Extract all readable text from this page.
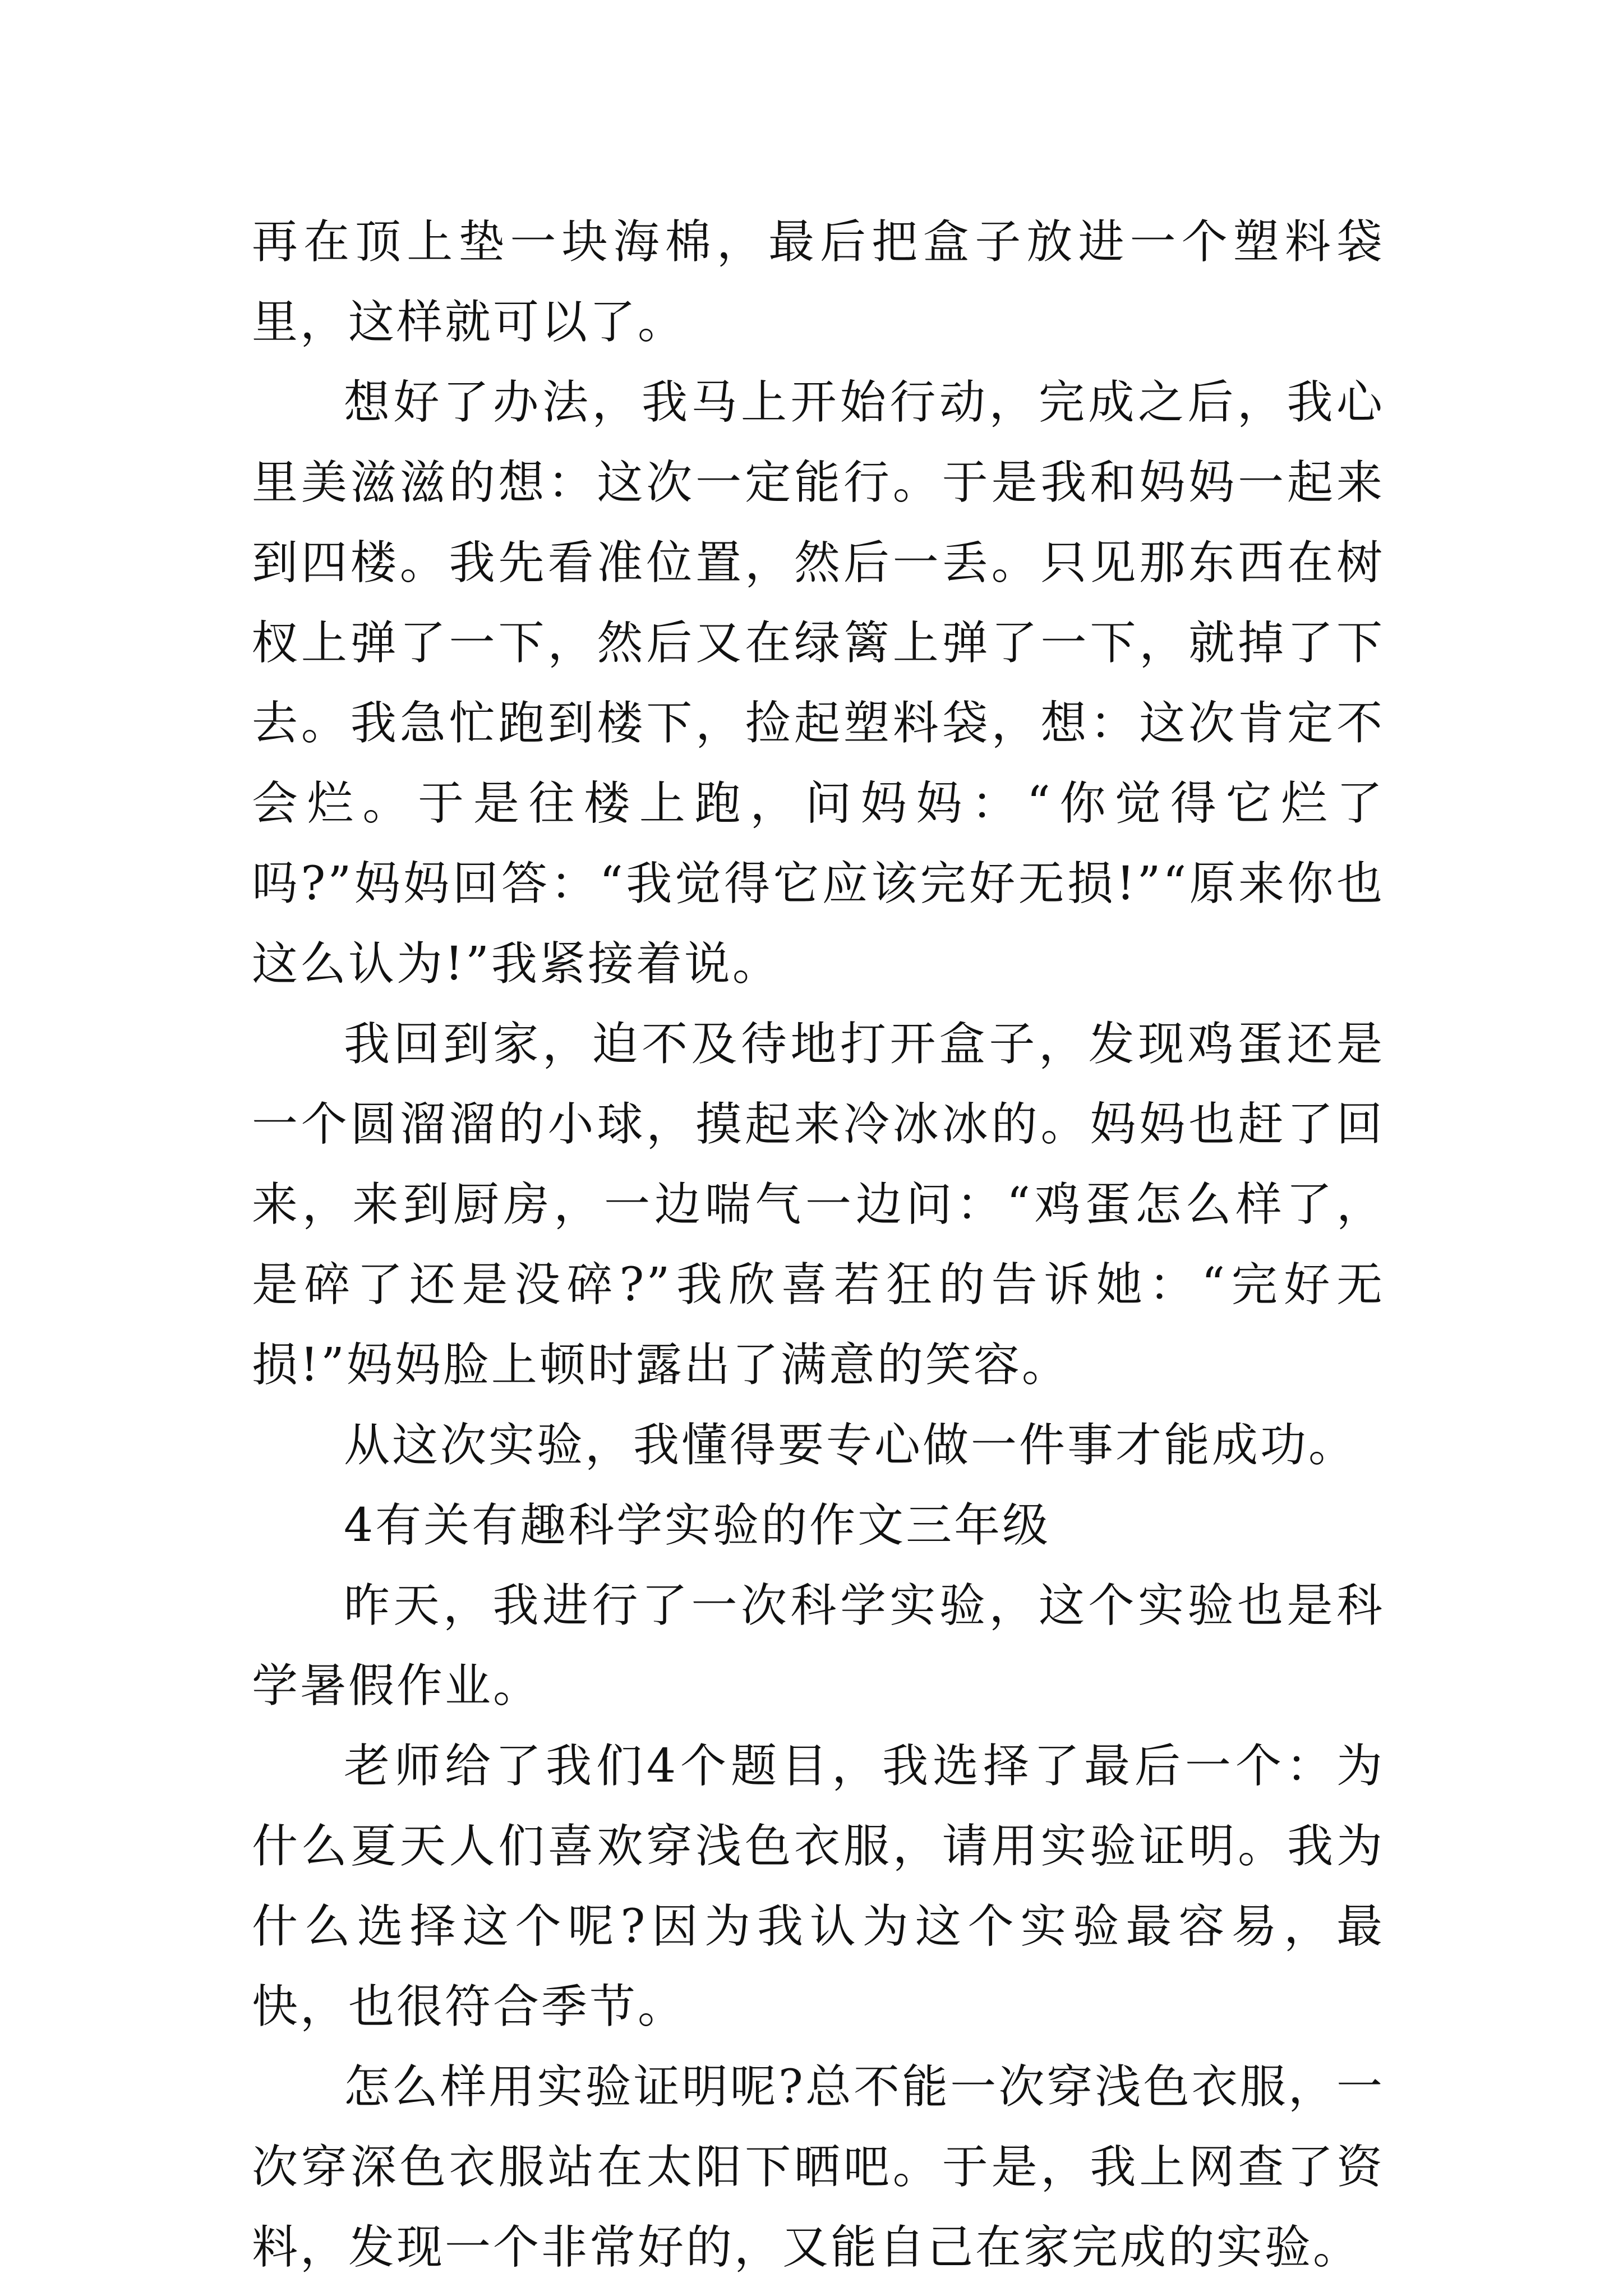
再在顶上垫一块海棉，最后把盒子放进一个塑料袋里，这样就可以了。

想好了办法，我马上开始行动，完成之后，我心里美滋滋的想：这次一定能行。于是我和妈妈一起来到四楼。我先看准位置，然后一丢。只见那东西在树杈上弹了一下，然后又在绿篱上弹了一下，就掉了下去。我急忙跑到楼下，捡起塑料袋，想：这次肯定不会烂。于是往楼上跑，问妈妈：“你觉得它烂了吗?”妈妈回答：“我觉得它应该完好无损!”“原来你也这么认为!”我紧接着说。

我回到家，迫不及待地打开盒子，发现鸡蛋还是一个圆溜溜的小球，摸起来冷冰冰的。妈妈也赶了回来，来到厨房，一边喘气一边问：“鸡蛋怎么样了，是碎了还是没碎?”我欣喜若狂的告诉她：“完好无损!”妈妈脸上顿时露出了满意的笑容。

从这次实验，我懂得要专心做一件事才能成功。

4有关有趣科学实验的作文三年级

昨天，我进行了一次科学实验，这个实验也是科学暑假作业。

老师给了我们4个题目，我选择了最后一个：为什么夏天人们喜欢穿浅色衣服，请用实验证明。我为什么选择这个呢?因为我认为这个实验最容易，最快，也很符合季节。

怎么样用实验证明呢?总不能一次穿浅色衣服，一次穿深色衣服站在太阳下晒吧。于是，我上网查了资料，发现一个非常好的，又能自己在家完成的实验。
